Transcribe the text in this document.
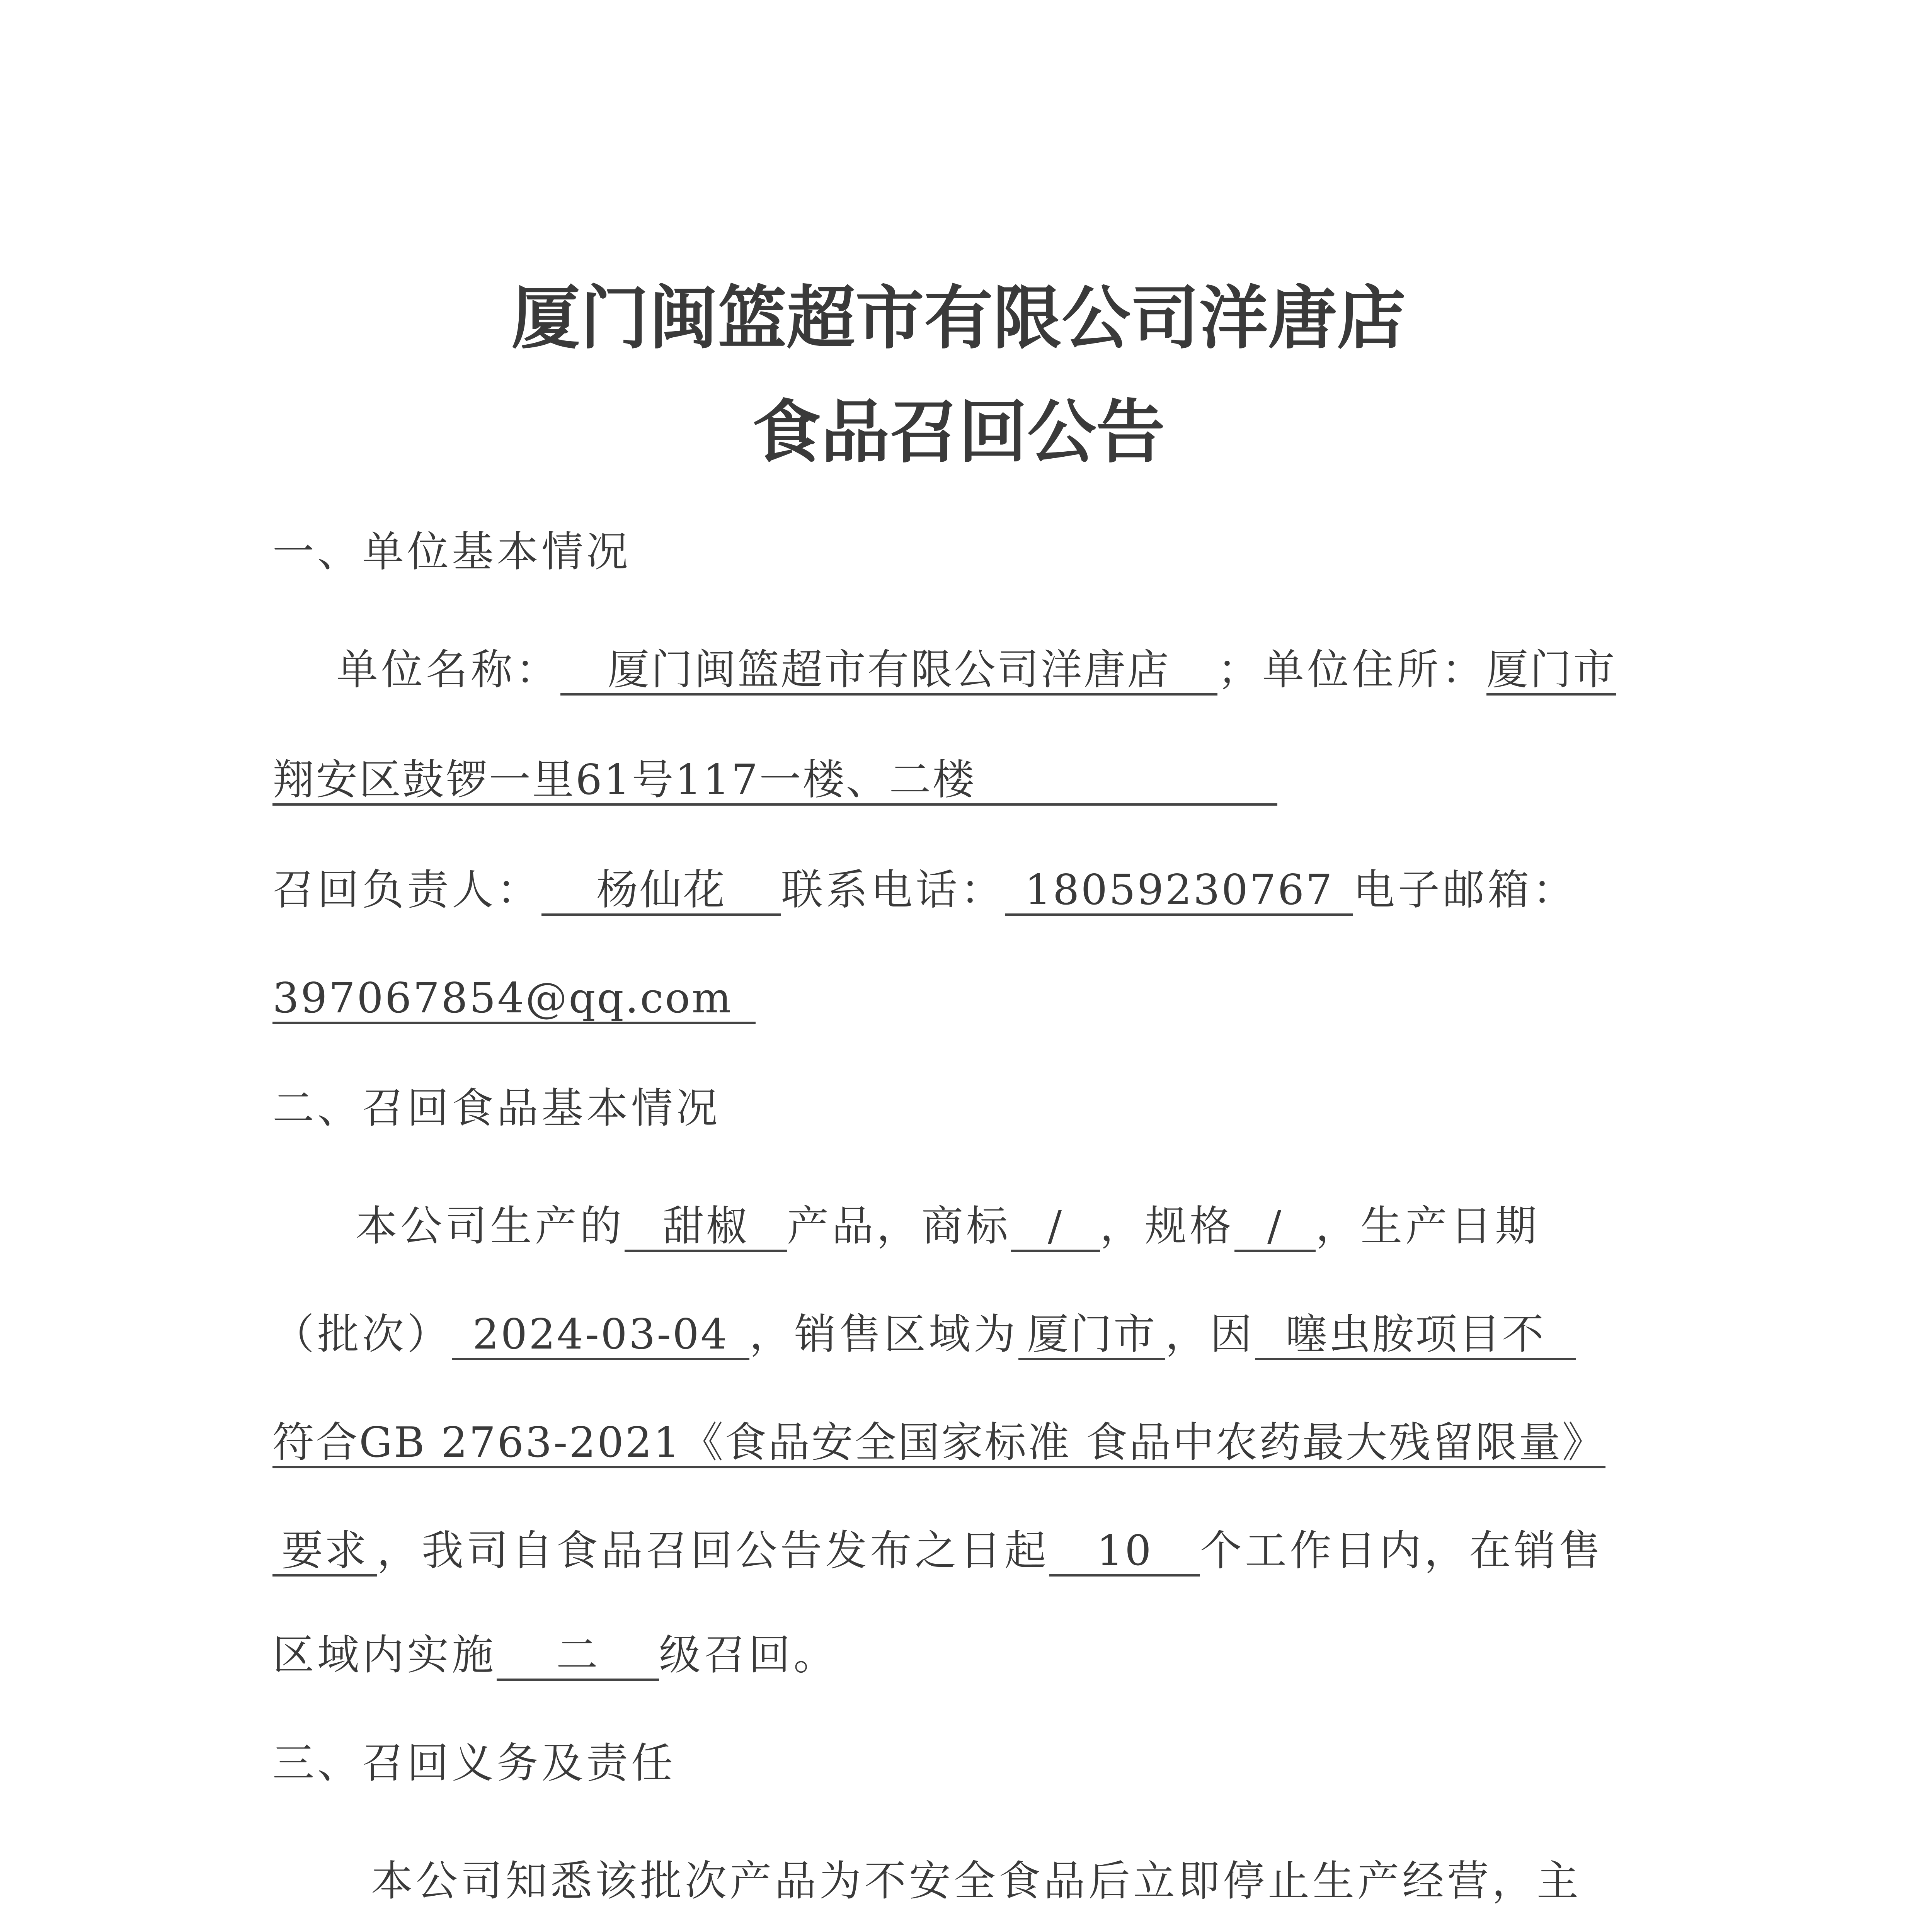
厦门闽篮超市有限公司洋唐店
食品召回公告
一、单位基本情况
单位名称： 厦门闽篮超市有限公司洋唐店 ；单位住所：厦门市
翔安区鼓锣一里61号117一楼、二楼
召回负责人： 杨仙花 联系电话： 18059230767 电子邮箱：
397067854@qq.com
二、召回食品基本情况
本公司生产的 甜椒 产品，商标 / ，规格 / ，生产日期
（批次） 2024-03-04 ，销售区域为 厦门市 ，因 噻虫胺项目不
符合GB 2763-2021《食品安全国家标准 食品中农药最大残留限量》
要求 ，我司自食品召回公告发布之日起 10 个工作日内，在销售
区域内实施 二 级召回。
三、召回义务及责任
本公司知悉该批次产品为不安全食品后立即停止生产经营，主
